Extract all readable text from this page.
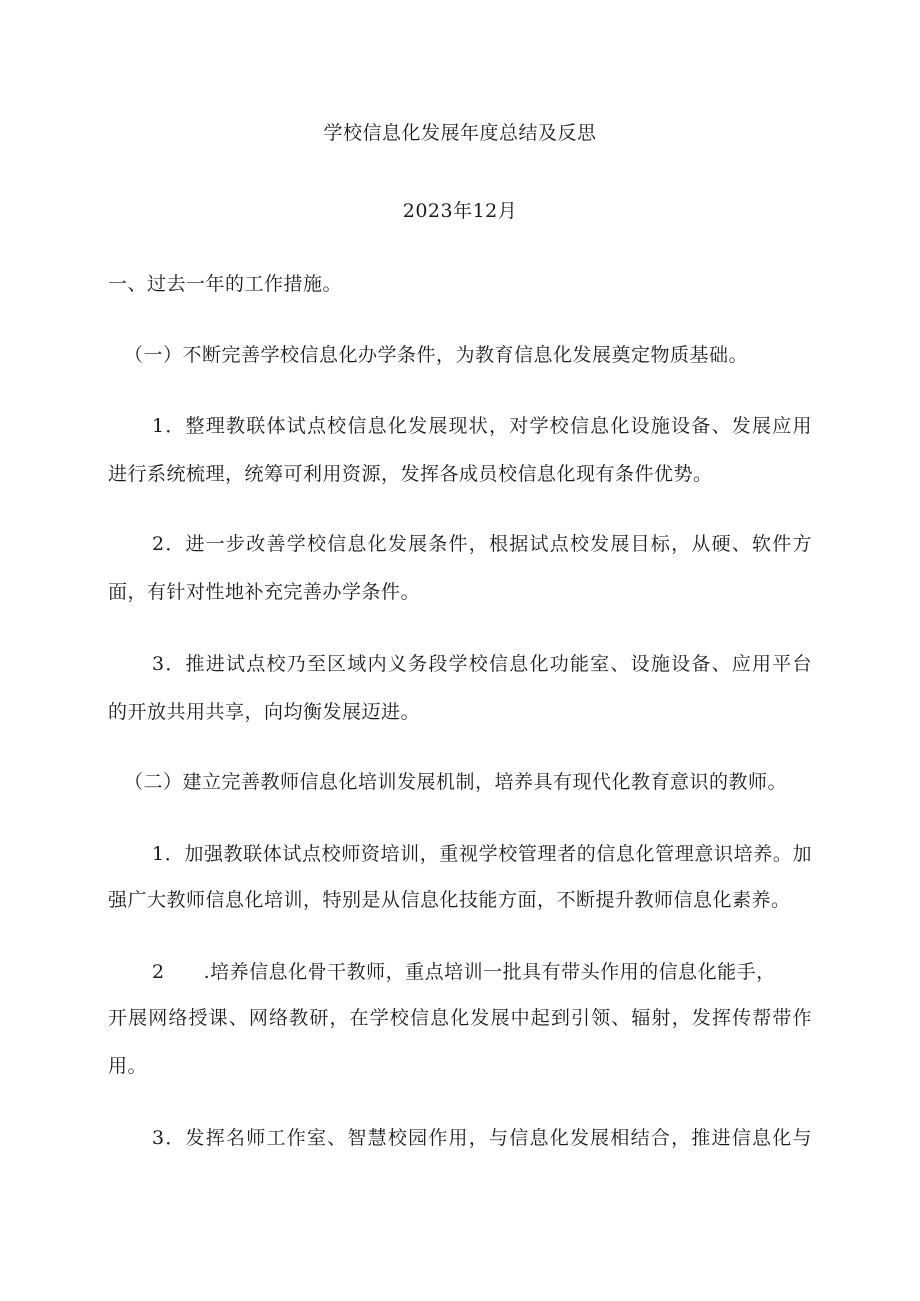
学校信息化发展年度总结及反思
2023年12月
一、过去一年的工作措施。
（一）不断完善学校信息化办学条件，为教育信息化发展奠定物质基础。
1．整理教联体试点校信息化发展现状，对学校信息化设施设备、发展应用
进行系统梳理，统筹可利用资源，发挥各成员校信息化现有条件优势。
2．进一步改善学校信息化发展条件，根据试点校发展目标，从硬、软件方
面，有针对性地补充完善办学条件。
3．推进试点校乃至区域内义务段学校信息化功能室、设施设备、应用平台
的开放共用共享，向均衡发展迈进。
（二）建立完善教师信息化培训发展机制，培养具有现代化教育意识的教师。
1．加强教联体试点校师资培训，重视学校管理者的信息化管理意识培养。加
强广大教师信息化培训，特别是从信息化技能方面，不断提升教师信息化素养。
2　　.培养信息化骨干教师，重点培训一批具有带头作用的信息化能手，
开展网络授课、网络教研，在学校信息化发展中起到引领、辐射，发挥传帮带作
用。
3．发挥名师工作室、智慧校园作用，与信息化发展相结合，推进信息化与
